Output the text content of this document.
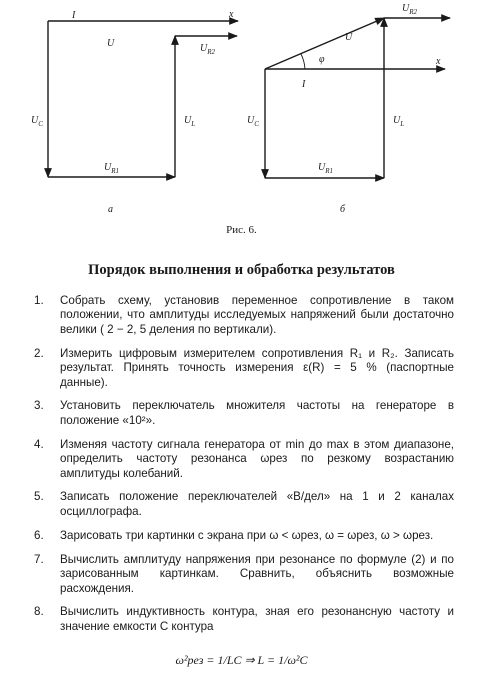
I	x
U	$U_{R2}$
$U_C$	$U_L$
$U_{R1}$
а
$U_{R2}$
U
φ	x
I
$U_C$	$U_L$
$U_{R1}$
б
Рис. 6.
Порядок выполнения и обработка результатов
1. Собрать схему, установив переменное сопротивление в таком положении, что амплитуды исследуемых напряжений были достаточно велики ( 2 − 2, 5 деления по вертикали).
2. Измерить цифровым измерителем сопротивления R₁ и R₂. Записать результат. Принять точность измерения ε(R) = 5 % (паспортные данные).
3. Установить переключатель множителя частоты на генераторе в положение «10²».
4. Изменяя частоту сигнала генератора от min до max в этом диапазоне, определить частоту резонанса ωрез по резкому возрастанию амплитуды колебаний.
5. Записать положение переключателей «В/дел» на 1 и 2 каналах осциллографа.
6. Зарисовать три картинки с экрана при ω < ωрез, ω = ωрез, ω > ωрез.
7. Вычислить амплитуду напряжения при резонансе по формуле (2) и по зарисованным картинкам. Сравнить, объяснить возможные расхождения.
8. Вычислить индуктивность контура, зная его резонансную частоту и значение емкости C контура
ω²рез = 1/LC ⇒ L = 1/ω²C
